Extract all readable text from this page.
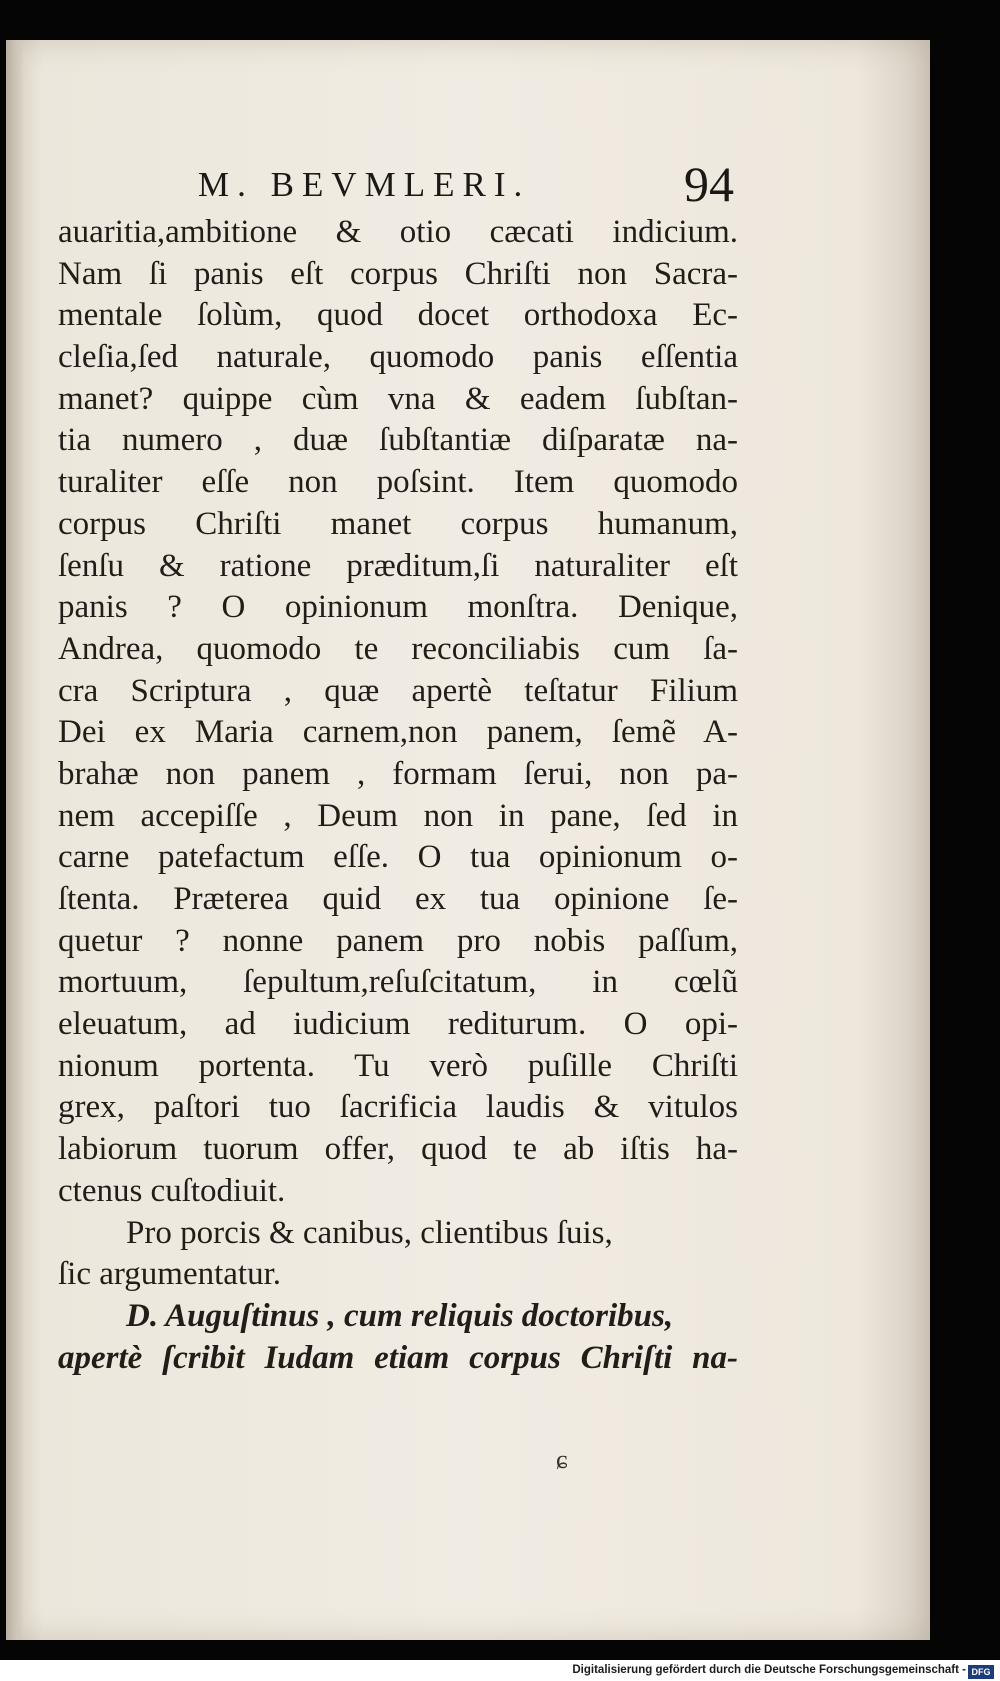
M. BEVMLERI.	94
auaritia,ambitione & otio cæcati indicium.
Nam ſi panis eſt corpus Chriſti non Sacra-
mentale ſolùm, quod docet orthodoxa Ec-
cleſia,ſed naturale, quomodo panis eſſentia
manet? quippe cùm vna & eadem ſubſtan-
tia numero , duæ ſubſtantiæ diſparatæ na-
turaliter eſſe non poſsint. Item quomodo
corpus Chriſti manet corpus humanum,
ſenſu & ratione præditum,ſi naturaliter eſt
panis ? O opinionum monſtra. Denique,
Andrea, quomodo te reconciliabis cum ſa-
cra Scriptura , quæ apertè teſtatur Filium
Dei ex Maria carnem,non panem, ſemẽ A-
brahæ non panem , formam ſerui, non pa-
nem accepiſſe , Deum non in pane, ſed in
carne patefactum eſſe. O tua opinionum o-
ſtenta. Præterea quid ex tua opinione ſe-
quetur ? nonne panem pro nobis paſſum,
mortuum, ſepultum,reſuſcitatum, in cœlũ
eleuatum, ad iudicium rediturum. O opi-
nionum portenta. Tu verò puſille Chriſti
grex, paſtori tuo ſacrificia laudis & vitulos
labiorum tuorum offer, quod te ab iſtis ha-
ctenus cuſtodiuit.
Pro porcis & canibus, clientibus ſuis,
ſic argumentatur.
D. Auguſtinus , cum reliquis doctoribus,
apertè ſcribit Iudam etiam corpus Chriſti na-
ɕ
Digitalisierung gefördert durch die Deutsche Forschungsgemeinschaft - DFG
